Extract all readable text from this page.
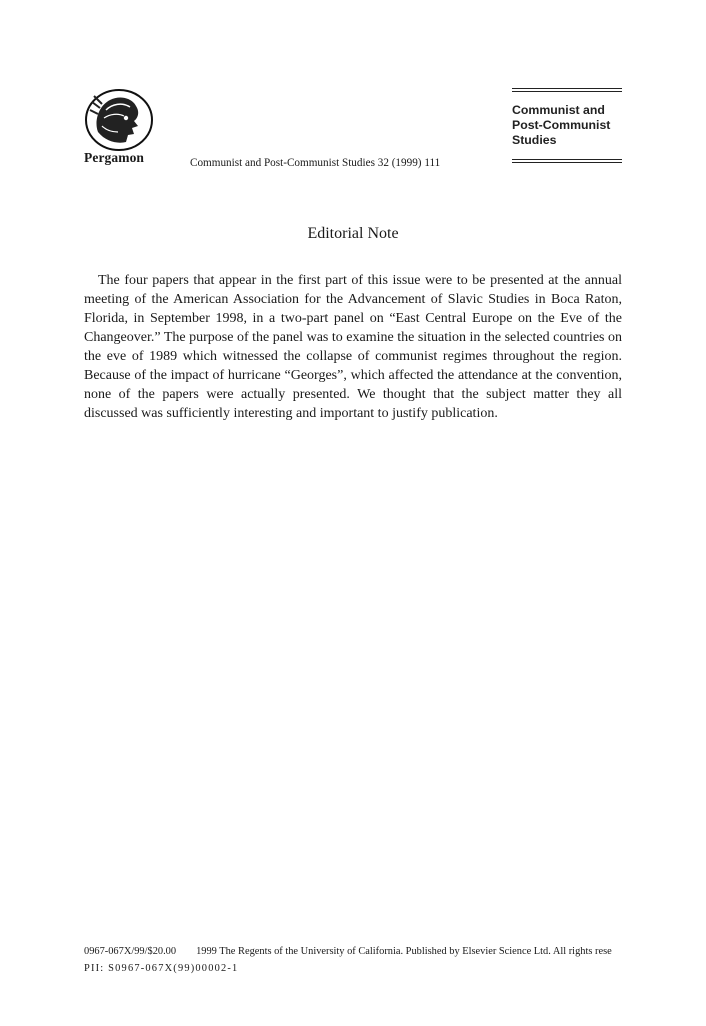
Pergamon	Communist and Post-Communist Studies 32 (1999) 111
Communist and
Post-Communist
Studies
Editorial Note

The four papers that appear in the first part of this issue were to be presented at the annual meeting of the American Association for the Advancement of Slavic Studies in Boca Raton, Florida, in September 1998, in a two-part panel on “East Central Europe on the Eve of the Changeover.” The purpose of the panel was to examine the situation in the selected countries on the eve of 1989 which witnessed the collapse of communist regimes throughout the region. Because of the impact of hurricane “Georges”, which affected the attendance at the convention, none of the papers were actually presented. We thought that the subject matter they all discussed was sufficiently interesting and important to justify publication.

0967-067X/99/$20.00 1999 The Regents of the University of California. Published by Elsevier Science Ltd. All rights rese
PII: S0967-067X(99)00002-1
